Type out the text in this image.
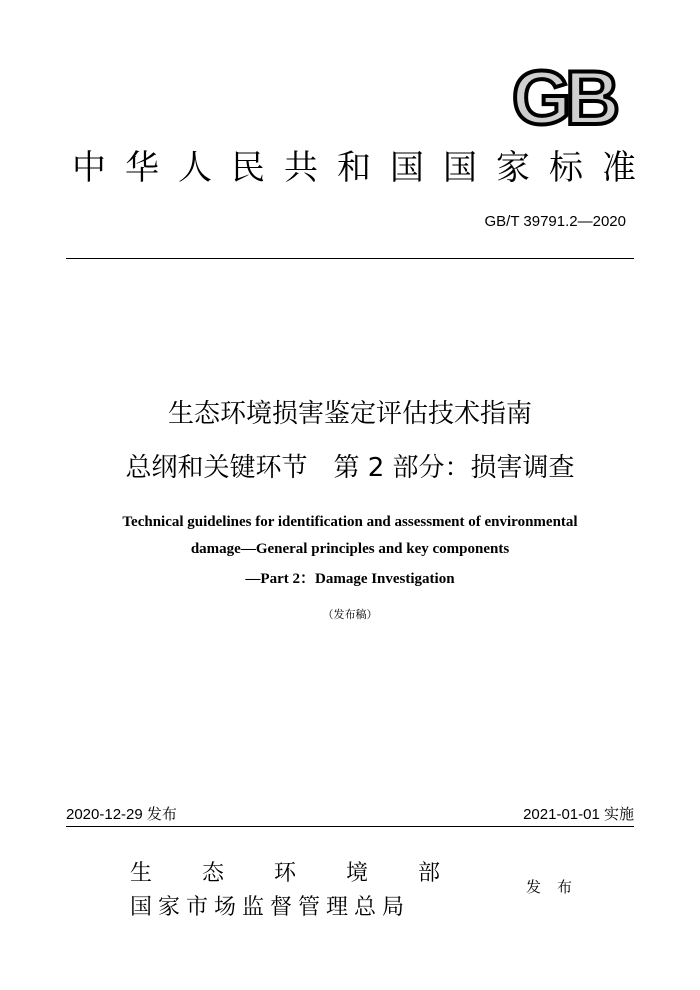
GB
中华人民共和国国家标准
GB/T 39791.2—2020
生态环境损害鉴定评估技术指南
总纲和关键环节　第 2 部分：损害调查
Technical guidelines for identification and assessment of environmental
damage—General principles and key components
—Part 2：Damage Investigation
（发布稿）
2020-12-29 发布	2021-01-01 实施
生态环境部
国家市场监督管理总局
发布
